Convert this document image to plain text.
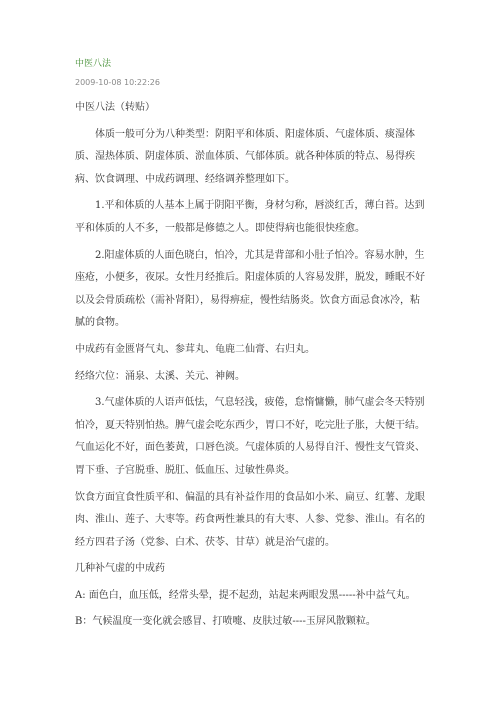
中医八法
2009-10-08 10:22:26

中医八法（转贴）

体质一般可分为八种类型：阴阳平和体质、阳虚体质、气虚体质、痰湿体质、湿热体质、阴虚体质、淤血体质、气郁体质。就各种体质的特点、易得疾病、饮食调理、中成药调理、经络调养整理如下。

1.平和体质的人基本上属于阴阳平衡，身材匀称，唇淡红舌，薄白苔。达到平和体质的人不多，一般都是修德之人。即使得病也能很快痊愈。

2.阳虚体质的人面色晓白，怕冷，尤其是背部和小肚子怕冷。容易水肿，生座疮，小便多，夜尿。女性月经推后。阳虚体质的人容易发胖，脱发，睡眠不好以及会骨质疏松（需补肾阳），易得痹症，慢性结肠炎。饮食方面忌食冰冷，粘腻的食物。

中成药有金匮肾气丸、参茸丸、龟鹿二仙膏、右归丸。

经络穴位：涌泉、太溪、关元、神阙。

3.气虚体质的人语声低怯，气息轻浅，疲倦，怠惰慵懒，肺气虚会冬天特别怕冷，夏天特别怕热。脾气虚会吃东西少，胃口不好，吃完肚子胀，大便干结。气血运化不好，面色萎黄，口唇色淡。气虚体质的人易得自汗、慢性支气管炎、胃下垂、子宫脱垂、脱肛、低血压、过敏性鼻炎。

饮食方面宜食性质平和、偏温的具有补益作用的食品如小米、扁豆、红薯、龙眼肉、淮山、莲子、大枣等。药食两性兼具的有大枣、人参、党参、淮山。有名的经方四君子汤（党参、白术、茯苓、甘草）就是治气虚的。

几种补气虚的中成药

A: 面色白，血压低，经常头晕，提不起劲，站起来两眼发黑-----补中益气丸。

B：气候温度一变化就会感冒、打喷嚏、皮肤过敏----玉屏风散颗粒。
